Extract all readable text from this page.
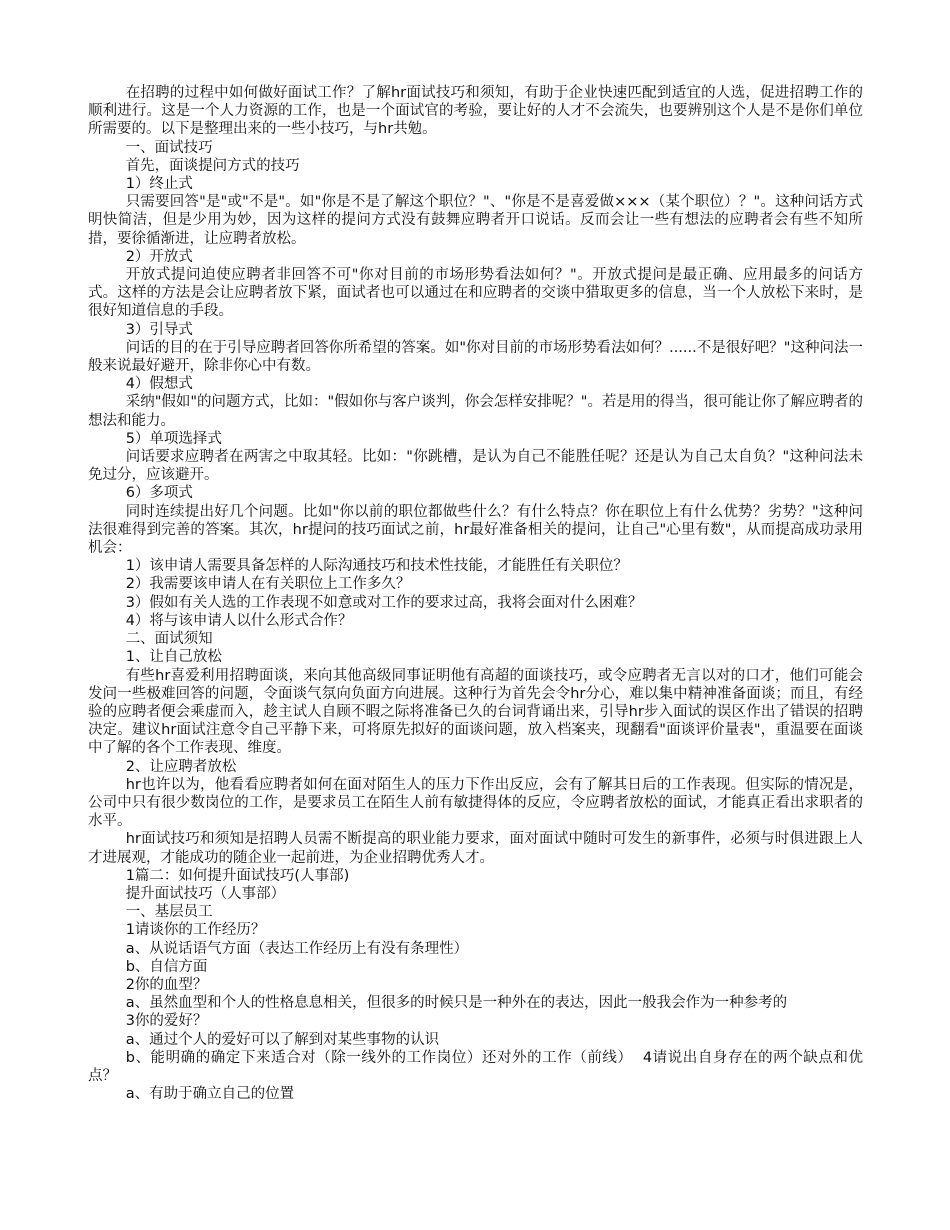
在招聘的过程中如何做好面试工作？了解hr面试技巧和须知，有助于企业快速匹配到适宜的人选，促进招聘工作的顺利进行。这是一个人力资源的工作，也是一个面试官的考验，要让好的人才不会流失，也要辨别这个人是不是你们单位所需要的。以下是整理出来的一些小技巧，与hr共勉。

一、面试技巧

首先，面谈提问方式的技巧

1）终止式

只需要回答"是"或"不是"。如"你是不是了解这个职位？"、"你是不是喜爱做×××（某个职位）？"。这种问话方式明快简洁，但是少用为妙，因为这样的提问方式没有鼓舞应聘者开口说话。反而会让一些有想法的应聘者会有些不知所措，要徐循渐进，让应聘者放松。

2）开放式

开放式提问迫使应聘者非回答不可"你对目前的市场形势看法如何？"。开放式提问是最正确、应用最多的问话方式。这样的方法是会让应聘者放下紧，面试者也可以通过在和应聘者的交谈中猎取更多的信息，当一个人放松下来时，是很好知道信息的手段。

3）引导式

问话的目的在于引导应聘者回答你所希望的答案。如"你对目前的市场形势看法如何？......不是很好吧？"这种问法一般来说最好避开，除非你心中有数。

4）假想式

采纳"假如"的问题方式，比如："假如你与客户谈判，你会怎样安排呢？"。若是用的得当，很可能让你了解应聘者的想法和能力。

5）单项选择式

问话要求应聘者在两害之中取其轻。比如："你跳槽，是认为自己不能胜任呢？还是认为自己太自负？"这种问法未免过分，应该避开。

6）多项式

同时连续提出好几个问题。比如"你以前的职位都做些什么？有什么特点？你在职位上有什么优势？劣势？"这种问法很难得到完善的答案。其次，hr提问的技巧面试之前，hr最好准备相关的提问，让自己"心里有数"，从而提高成功录用机会：

1）该申请人需要具备怎样的人际沟通技巧和技术性技能，才能胜任有关职位？

2）我需要该申请人在有关职位上工作多久？

3）假如有关人选的工作表现不如意或对工作的要求过高，我将会面对什么困难？

4）将与该申请人以什么形式合作？

二、面试须知

1、让自己放松

有些hr喜爱利用招聘面谈，来向其他高级同事证明他有高超的面谈技巧，或令应聘者无言以对的口才，他们可能会发问一些极难回答的问题，令面谈气氛向负面方向进展。这种行为首先会令hr分心，难以集中精神准备面谈；而且，有经验的应聘者便会乘虚而入，趁主试人自顾不暇之际将准备已久的台词背诵出来，引导hr步入面试的误区作出了错误的招聘决定。建议hr面试注意令自己平静下来，可将原先拟好的面谈问题，放入档案夹，现翻看"面谈评价量表"，重温要在面谈中了解的各个工作表现、维度。

2、让应聘者放松

hr也许以为，他看看应聘者如何在面对陌生人的压力下作出反应，会有了解其日后的工作表现。但实际的情况是，公司中只有很少数岗位的工作，是要求员工在陌生人前有敏捷得体的反应，令应聘者放松的面试，才能真正看出求职者的水平。

hr面试技巧和须知是招聘人员需不断提高的职业能力要求，面对面试中随时可发生的新事件，必须与时俱进跟上人才进展观，才能成功的随企业一起前进，为企业招聘优秀人才。

1篇二：如何提升面试技巧(人事部)

提升面试技巧（人事部）

一、基层员工

1请谈你的工作经历？

a、从说话语气方面（表达工作经历上有没有条理性）

b、自信方面

2你的血型？

a、虽然血型和个人的性格息息相关，但很多的时候只是一种外在的表达，因此一般我会作为一种参考的

3你的爱好？

a、通过个人的爱好可以了解到对某些事物的认识

b、能明确的确定下来适合对（除一线外的工作岗位）还对外的工作（前线）  4请说出自身存在的两个缺点和优点？

a、有助于确立自己的位置
